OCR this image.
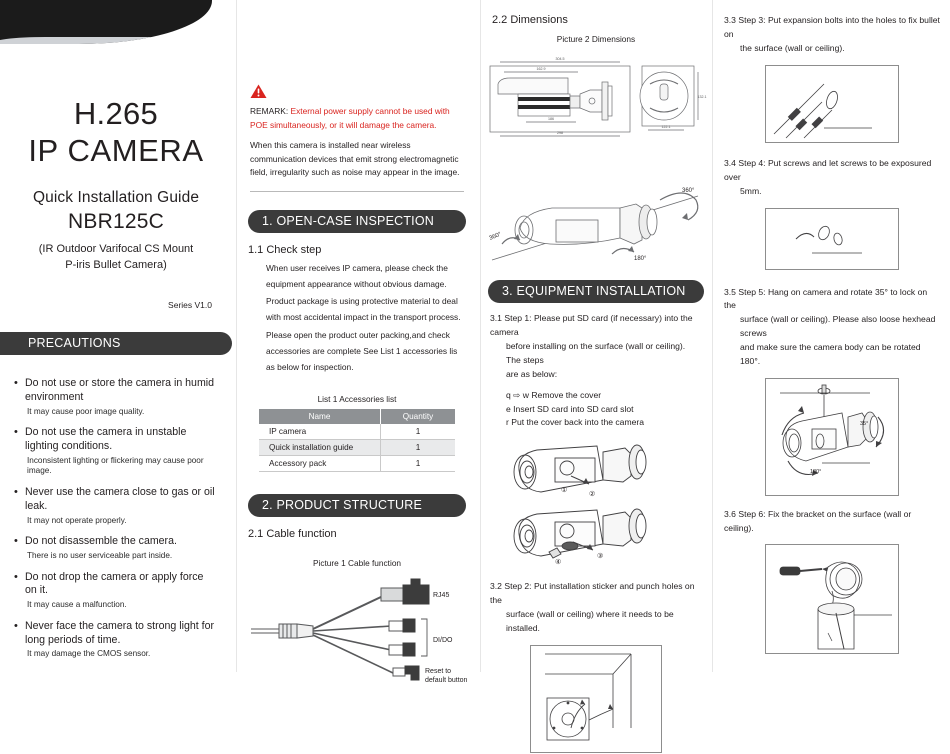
H.265
IP CAMERA
Quick Installation Guide
NBR125C
(IR Outdoor Varifocal CS Mount
P-iris Bullet Camera)
Series V1.0
PRECAUTIONS
• Do not use or store the camera in humid environment
It may cause poor image quality.
• Do not use the camera in unstable lighting conditions.
Inconsistent lighting or flickering may cause poor image.
• Never use the camera close to gas or oil leak.
It may not operate properly.
• Do not disassemble the camera.
There is no user serviceable part inside.
• Do not drop the camera or apply force on it.
It may cause a malfunction.
• Never face the camera to strong light for long periods of time.
It may damage the CMOS sensor.
REMARK: External power supply cannot be used with POE simultaneously, or it will damage the camera.
When this camera is installed near wireless communication devices that emit strong electromagnetic field, irregularity such as noise may appear in the image.
1. OPEN-CASE INSPECTION
1.1 Check step
When user receives IP camera, please check the equipment appearance without obvious damage. Product package is using protective material to deal with most accidental impact in the transport process.
Please open the product outer packing,and check accessories are complete See List 1 accessories lis as below for inspection.
List 1 Accessories list
Name	Quantity
IP camera	1
Quick installation guide	1
Accessory pack	1
2. PRODUCT STRUCTURE
2.1 Cable function
Picture 1 Cable function
RJ45
DI/DO
Reset to
default button
2.2 Dimensions
Picture 2 Dimensions
304.5
162.9
186
298
132.1
122.1
360°
360°
180°
3. EQUIPMENT INSTALLATION
3.1 Step 1: Please put SD card (if necessary) into the camera
before installing on the surface (wall or ceiling). The steps
are as below:
q ⇨ w Remove the cover
e Insert SD card into SD card slot
r Put the cover back into the camera
①
②
③
④
3.2 Step 2: Put installation sticker and punch holes on the
surface (wall or ceiling) where it needs to be installed.
3.3 Step 3: Put expansion bolts into the holes to fix bullet on
the surface (wall or ceiling).
3.4 Step 4: Put screws and let screws to be exposured over
5mm.
3.5 Step 5: Hang on camera and rotate 35° to lock on the
surface (wall or ceiling). Please also loose hexhead screws
and make sure the camera body can be rotated 180°.
35°
180°
3.6 Step 6: Fix the bracket on the surface (wall or ceiling).
